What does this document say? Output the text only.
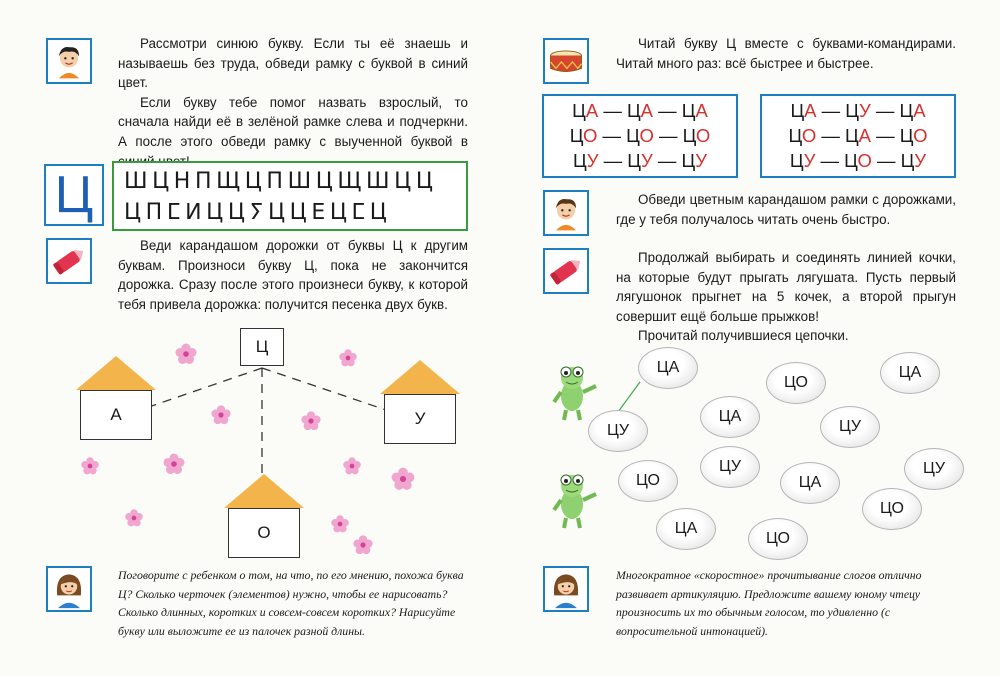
Рассмотри синюю букву. Если ты её знаешь и называешь без труда, обведи рамку с буквой в синий цвет.

Если букву тебе помог назвать взрослый, то сначала найди её в зелёной рамке слева и подчеркни. А после этого обведи рамку с выученной буквой в

Ц	ШЦНПЩЦПШЦЩШЦЦ
ЦПⵎⵍЦЦⵢЦЦⴹЦⵎЦ

Веди карандашом дорожки от буквы Ц к другим буквам. Произноси букву Ц, пока не закончится дорожка. Сразу после этого произнеси букву, к которой тебя привела дорожка: получится песенка двух букв.

Ц
А	У
О
Поговорите с ребенком о том, на что, по его мнению, похожа буква Ц? Сколько черточек (элементов) нужно, чтобы ее нарисовать? Сколько длинных, коротких и совсем-совсем коротких? Нарисуйте букву или выложите ее из палочек разной длины.

Читай букву Ц вместе с буквами-командирами. Читай много раз: всё быстрее и быстрее.

ЦА — ЦА — ЦА
ЦО — ЦО — ЦО
ЦУ — ЦУ — ЦУ
ЦА — ЦУ — ЦА
ЦО — ЦА — ЦО
ЦУ — ЦО — ЦУ

Обведи цветным карандашом рамки с дорожками, где у тебя получалось читать очень быстро.

Продолжай выбирать и соединять линией кочки, на которые будут прыгать лягушата. Пусть первый лягушонок прыгнет на 5 кочек, а второй прыгун совершит ещё больше прыжков!

Прочитай получившиеся цепочки.

ЦА
ЦО
ЦА
ЦУ
ЦА
ЦУ
ЦУ
ЦО	ЦА
ЦУ
ЦО
ЦА
ЦО
Многократное «скоростное» прочитывание слогов отлично развивает артикуляцию. Предложите вашему юному чтецу произносить их то обычным голосом, то удивленно (с вопросительной интонацией).
